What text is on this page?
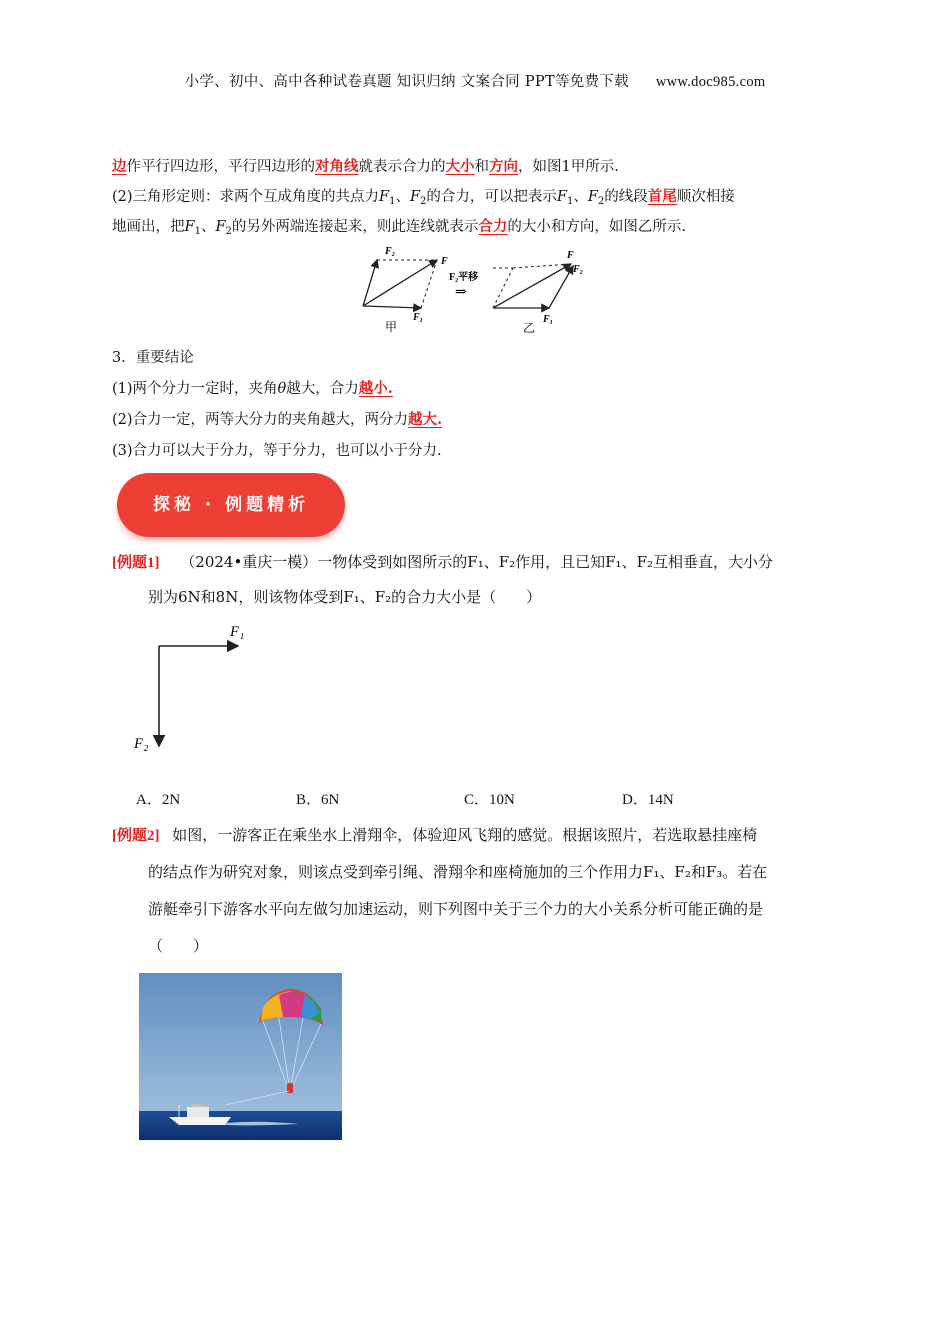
小学、初中、高中各种试卷真题 知识归纳 文案合同 PPT等免费下载 www.doc985.com
边作平行四边形，平行四边形的对角线就表示合力的大小和方向，如图1甲所示.
(2)三角形定则：求两个互成角度的共点力$F_1$、$F_2$的合力，可以把表示$F_1$、$F_2$的线段首尾顺次相接
地画出，把$F_1$、$F_2$的另外两端连接起来，则此连线就表示合力的大小和方向，如图乙所示.
F₂
F
F₁
甲
F₂平移
⇒
F
F₂
F₁
乙
3．重要结论
(1)两个分力一定时，夹角θ越大，合力越小.
(2)合力一定，两等大分力的夹角越大，两分力越大.
(3)合力可以大于分力，等于分力，也可以小于分力.
探秘 · 例题精析
[例题1] （2024•重庆一模）一物体受到如图所示的F₁、F₂作用，且已知F₁、F₂互相垂直，大小分
别为6N和8N，则该物体受到F₁、F₂的合力大小是（　　）
F₁
F₂
A．2N	B．6N	C．10N	D．14N
[例题2] 如图，一游客正在乘坐水上滑翔伞，体验迎风飞翔的感觉。根据该照片，若选取悬挂座椅
的结点作为研究对象，则该点受到牵引绳、滑翔伞和座椅施加的三个作用力F₁、F₂和F₃。若在
游艇牵引下游客水平向左做匀加速运动，则下列图中关于三个力的大小关系分析可能正确的是
（　　）
